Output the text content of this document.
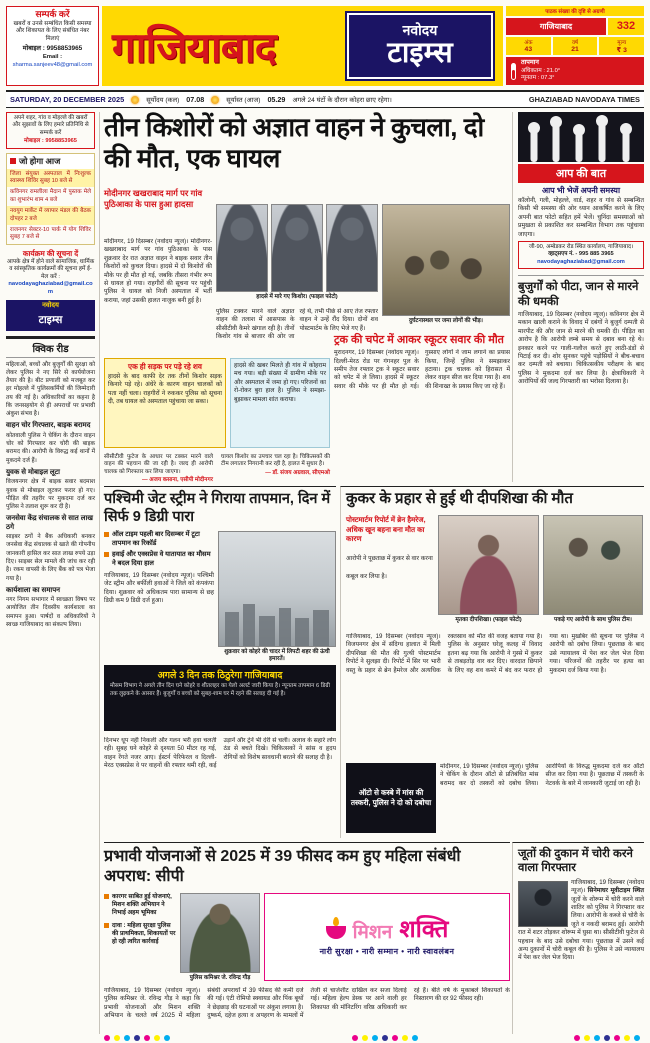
सम्पर्क करें
खबरों व उनसे सम्बंधित किसी समस्या और शिकायत के लिए संबंधित नंबर मिलाएं
मोबाइल : 9958853965
Email :
sharma.sanjeev48@gmail.com गाजियाबाद	नवोदय
टाइम्स
पाठक संख्या की दृष्टि से अग्रणी
गाजियाबाद	332
अंक
43
वर्ष
21
मूल्य
₹ 3
तापमान
अधिकतम : 21.0°
न्यूनतम : 07.3°
SATURDAY, 20 DECEMBER 2025	सूर्योदय (कल) 07.08	सूर्यास्त (आज) 05.29 अगले 24 घंटों के दौरान कोहरा छाए रहेगा।	GHAZIABAD NAVODAYA TIMES
अपने शहर, गांव व मोहल्ले की खबरों और सुझावों के लिए हमारे प्रतिनिधि से सम्पर्क करें
मोबाइल : 9958853965
जो होगा आज
जिला संयुक्त अस्पताल में निःशुल्क स्वास्थ्य शिविर सुबह 10 बजे से
कविनगर रामलीला मैदान में पुस्तक मेले का शुभारंभ शाम 4 बजे
नवयुग मार्केट में व्यापार मंडल की बैठक दोपहर 2 बजे
राजनगर सेक्टर-10 पार्क में योग शिविर सुबह 7 बजे से
कार्यक्रम की सूचना दें
आपके क्षेत्र में होने वाले सामाजिक, धार्मिक व सांस्कृतिक कार्यक्रमों की सूचना हमें ई-मेल करें :
navodayaghaziabad@gmail.com
नवोदय
टाइम्स
क्विक रीड

महिलाओं, बच्चों और बुजुर्गों की सुरक्षा को लेकर पुलिस ने नए सिरे से कार्ययोजना तैयार की है। बीट प्रणाली को मजबूत कर हर मोहल्ले में पुलिसकर्मियों की जिम्मेदारी तय की गई है। अधिकारियों का कहना है कि जनसहयोग से ही अपराधों पर प्रभावी अंकुश संभव है।

वाहन चोर गिरफ्तार, बाइक बरामद

कोतवाली पुलिस ने चेकिंग के दौरान वाहन चोर को गिरफ्तार कर चोरी की बाइक बरामद की। आरोपी के विरुद्ध कई थानों में मुकदमे दर्ज हैं।

युवक से मोबाइल लूटा

विजयनगर क्षेत्र में बाइक सवार बदमाश युवक से मोबाइल लूटकर फरार हो गए। पीड़ित की तहरीर पर मुकदमा दर्ज कर पुलिस ने तलाश शुरू कर दी है।

जनसेवा केंद्र संचालक से सात लाख ठगे

साइबर ठगों ने बैंक अधिकारी बनकर जनसेवा केंद्र संचालक से खाते की गोपनीय जानकारी हासिल कर सात लाख रुपये उड़ा दिए। साइबर सेल मामले की जांच कर रही है। रकम वापसी के लिए बैंक को पत्र भेजा गया है।

कार्यशाला का समापन

नगर निगम सभागार में स्वच्छता विषय पर आयोजित तीन दिवसीय कार्यशाला का समापन हुआ। पार्षदों व अधिकारियों ने स्वच्छ गाजियाबाद का संकल्प लिया।

तीन किशोरों को अज्ञात वाहन ने कुचला, दो की मौत, एक घायल
मोदीनगर खखराबाद मार्ग पर गांव पुठिआका के पास हुआ हादसा
मोदीनगर, 19 दिसम्बर (नवोदय न्यूज)। मोदीनगर-खखराबाद मार्ग पर गांव पुठिआका के पास शुक्रवार देर रात अज्ञात वाहन ने बाइक सवार तीन किशोरों को कुचल दिया। हादसे में दो किशोरों की मौके पर ही मौत हो गई, जबकि तीसरा गंभीर रूप से घायल हो गया। राहगीरों की सूचना पर पहुंची पुलिस ने घायल को निजी अस्पताल में भर्ती कराया, जहां उसकी हालत नाजुक बनी हुई है।	हादसे में मारे गए किशोर। (फाइल फोटो)
दुर्घटनास्थल पर जमा लोगों की भीड़।
पुलिस टक्कर मारने वाले अज्ञात वाहन की तलाश में आसपास के सीसीटीवी कैमरे खंगाल रही है। तीनों किशोर गांव से बाजार की ओर जा रहे थे, तभी पीछे से आए तेज रफ्तार वाहन ने उन्हें रौंद दिया। दोनों शव पोस्टमार्टम के लिए भेजे गए हैं।
एक ही सड़क पर पड़े रहे शव
हादसे के बाद काफी देर तक तीनों किशोर सड़क किनारे पड़े रहे। अंधेरे के कारण वाहन चालकों को पता नहीं चला। राहगीरों ने रुककर पुलिस को सूचना दी, तब घायल को अस्पताल पहुंचाया जा सका।
हादसे की खबर मिलते ही गांव में कोहराम मच गया। बड़ी संख्या में ग्रामीण मौके पर और अस्पताल में जमा हो गए। परिजनों का रो-रोकर बुरा हाल है। पुलिस ने समझा-बुझाकर मामला शांत कराया।
ट्रक की चपेट में आकर स्कूटर सवार की मौत
मुरादनगर, 19 दिसम्बर (नवोदय न्यूज)। दिल्ली-मेरठ रोड पर गंगनहर पुल के समीप तेज रफ्तार ट्रक ने स्कूटर सवार को चपेट में ले लिया। हादसे में स्कूटर सवार की मौके पर ही मौत हो गई। गुस्साए लोगों ने जाम लगाने का प्रयास किया, जिन्हें पुलिस ने समझाकर हटाया। ट्रक चालक को हिरासत में लेकर वाहन सीज कर दिया गया है। शव की शिनाख्त के प्रयास किए जा रहे हैं।
सीसीटीवी फुटेज के आधार पर टक्कर मारने वाले वाहन की पहचान की जा रही है। जल्द ही आरोपी चालक को गिरफ्तार कर लिया जाएगा।
— अजय कसाना, एसीपी मोदीनगर
घायल किशोर का उपचार चल रहा है। चिकित्सकों की टीम लगातार निगरानी कर रही है, हालत में सुधार है।
— डॉ. संजय अग्रवाल, सीएमओ
आप की बात
आप भी भेजें अपनी समस्या
कॉलोनी, गली, मोहल्ले, वार्ड, शहर व गांव से सम्बन्धित किसी भी समस्या की ओर ध्यान आकर्षित करने के लिए अपनी बात फोटो सहित हमें भेजें। चुनिंदा समस्याओं को प्रमुखता से प्रकाशित कर सम्बन्धित विभाग तक पहुंचाया जाएगा।
जी-90, अम्बेडकर रोड स्थित कार्यालय, गाजियाबाद।
व्हाट्सएप नं. - 995 885 3965
navodayaghaziabad@gmail.com
बुजुर्गों को पीटा, जान से मारने की धमकी
गाजियाबाद, 19 दिसम्बर (नवोदय न्यूज)। कविनगर क्षेत्र में मकान खाली कराने के विवाद में दबंगों ने बुजुर्ग दम्पती से मारपीट की और जान से मारने की धमकी दी। पीड़ित का आरोप है कि आरोपी लम्बे समय से दबाव बना रहे थे। इनकार करने पर गाली-गलौज करते हुए लाठी-डंडों से पिटाई कर दी। शोर सुनकर पहुंचे पड़ोसियों ने बीच-बचाव कर दम्पती को बचाया। चिकित्सकीय परीक्षण के बाद पुलिस ने मुकदमा दर्ज कर लिया है। क्षेत्राधिकारी ने आरोपियों की जल्द गिरफ्तारी का भरोसा दिलाया है।
पश्चिमी जेट स्ट्रीम ने गिराया तापमान, दिन में सिर्फ 9 डिग्री पारा
ऑल टाइम पहली बार दिसम्बर में टूटा तापमान का रिकॉर्ड
हवाई और एक्सप्रेस वे यातायात का मौसम ने बदल दिया हाल
गाजियाबाद, 19 दिसम्बर (नवोदय न्यूज)। पश्चिमी जेट स्ट्रीम और बर्फीली हवाओं ने जिले को कंपकंपा दिया। शुक्रवार को अधिकतम पारा सामान्य से छह डिग्री कम 9 डिग्री दर्ज हुआ।
शुक्रवार को कोहरे की चादर में लिपटी शहर की ऊंची इमारतें।
अगले 3 दिन तक ठिठुरेगा गाजियाबाद
मौसम विभाग ने अगले तीन दिन घने कोहरे व शीतलहर का येलो अलर्ट जारी किया है। न्यूनतम तापमान 6 डिग्री तक लुढ़कने के आसार हैं। बुजुर्गों व बच्चों को सुबह-शाम घर में रहने की सलाह दी गई है।
दिनभर धूप नहीं निकली और गलन भरी हवा चलती रही। सुबह घने कोहरे से दृश्यता 50 मीटर रह गई, वाहन रेंगते नजर आए। ईस्टर्न पेरिफेरल व दिल्ली-मेरठ एक्सप्रेस वे पर वाहनों की रफ्तार थमी रही, कई उड़ानें और ट्रेनें भी देरी से चलीं। अलाव के सहारे लोग ठंड से बचते दिखे। चिकित्सकों ने सांस व हृदय रोगियों को विशेष सावधानी बरतने की सलाह दी है।
कुकर के प्रहार से हुई थी दीपशिखा की मौत
पोस्टमार्टम रिपोर्ट में ब्रेन हैमरेज, अधिक खून बहना बना मौत का कारण
आरोपी ने पूछताछ में कुकर से वार करना कबूल कर लिया है।
मृतका दीपशिखा। (फाइल फोटो)	पकड़े गए आरोपी के साथ पुलिस टीम।
गाजियाबाद, 19 दिसम्बर (नवोदय न्यूज)। विजयनगर क्षेत्र में संदिग्ध हालात में मिली दीपशिखा की मौत की गुत्थी पोस्टमार्टम रिपोर्ट ने सुलझा दी। रिपोर्ट में सिर पर भारी वस्तु के प्रहार से ब्रेन हैमरेज और अत्यधिक रक्तस्राव को मौत की वजह बताया गया है। पुलिस के अनुसार घरेलू कलह में विवाद इतना बढ़ गया कि आरोपी ने गुस्से में कुकर से ताबड़तोड़ वार कर दिए। वारदात छिपाने के लिए वह शव कमरे में बंद कर फरार हो गया था। मुखबिर की सूचना पर पुलिस ने आरोपी को दबोच लिया। पूछताछ के बाद उसे न्यायालय में पेश कर जेल भेज दिया गया। परिजनों की तहरीर पर हत्या का मुकदमा दर्ज किया गया है।
ऑटो से कस्बे में मांस की तस्करी, पुलिस ने दो को दबोचा
मोदीनगर, 19 दिसम्बर (नवोदय न्यूज)। पुलिस ने चेकिंग के दौरान ऑटो से प्रतिबंधित मांस बरामद कर दो तस्करों को दबोच लिया। आरोपियों के विरुद्ध मुकदमा दर्ज कर ऑटो सीज कर दिया गया है। पूछताछ में तस्करी के नेटवर्क के बारे में जानकारी जुटाई जा रही है।
प्रभावी योजनाओं से 2025 में 39 फीसद कम हुए महिला संबंधी अपराध: सीपी
कारगर साबित हुई योजनाएं, मिशन शक्ति अभियान ने निभाई अहम भूमिका
दावा : महिला सुरक्षा पुलिस की प्राथमिकता, शिकायतों पर हो रही त्वरित कार्रवाई
पुलिस कमिश्नर जे. रविन्द्र गौड़
मिशन शक्ति
नारी सुरक्षा • नारी सम्मान • नारी स्वावलंबन
गाजियाबाद, 19 दिसम्बर (नवोदय न्यूज)। पुलिस कमिश्नर जे. रविन्द्र गौड़ ने कहा कि प्रभावी योजनाओं और मिशन शक्ति अभियान के चलते वर्ष 2025 में महिला संबंधी अपराधों में 39 फीसद की कमी दर्ज की गई। एंटी रोमियो स्क्वायड और पिंक बूथों ने छेड़छाड़ की घटनाओं पर अंकुश लगाया है। दुष्कर्म, दहेज हत्या व अपहरण के मामलों में तेजी से चार्जशीट दाखिल कर सजा दिलाई गई। महिला हेल्प डेस्क पर आने वाली हर शिकायत की मॉनिटरिंग वरिष्ठ अधिकारी कर रहे हैं। बीते वर्ष के मुकाबले शिकायतों के निस्तारण की दर 92 फीसद रही।
जूतों की दुकान में चोरी करने वाला गिरफ्तार
गाजियाबाद, 19 दिसम्बर (नवोदय न्यूज)। सिनेमाघर मूवीटाइम स्थित जूतों के शोरूम में चोरी करने वाले शातिर को पुलिस ने गिरफ्तार कर लिया। आरोपी के कब्जे से चोरी के जूते व नकदी बरामद हुई। आरोपी रात में शटर तोड़कर शोरूम में घुसा था। सीसीटीवी फुटेज से पहचान के बाद उसे दबोचा गया। पूछताछ में उसने कई अन्य दुकानों में चोरी कबूल की है। पुलिस ने उसे न्यायालय में पेश कर जेल भेज दिया।
